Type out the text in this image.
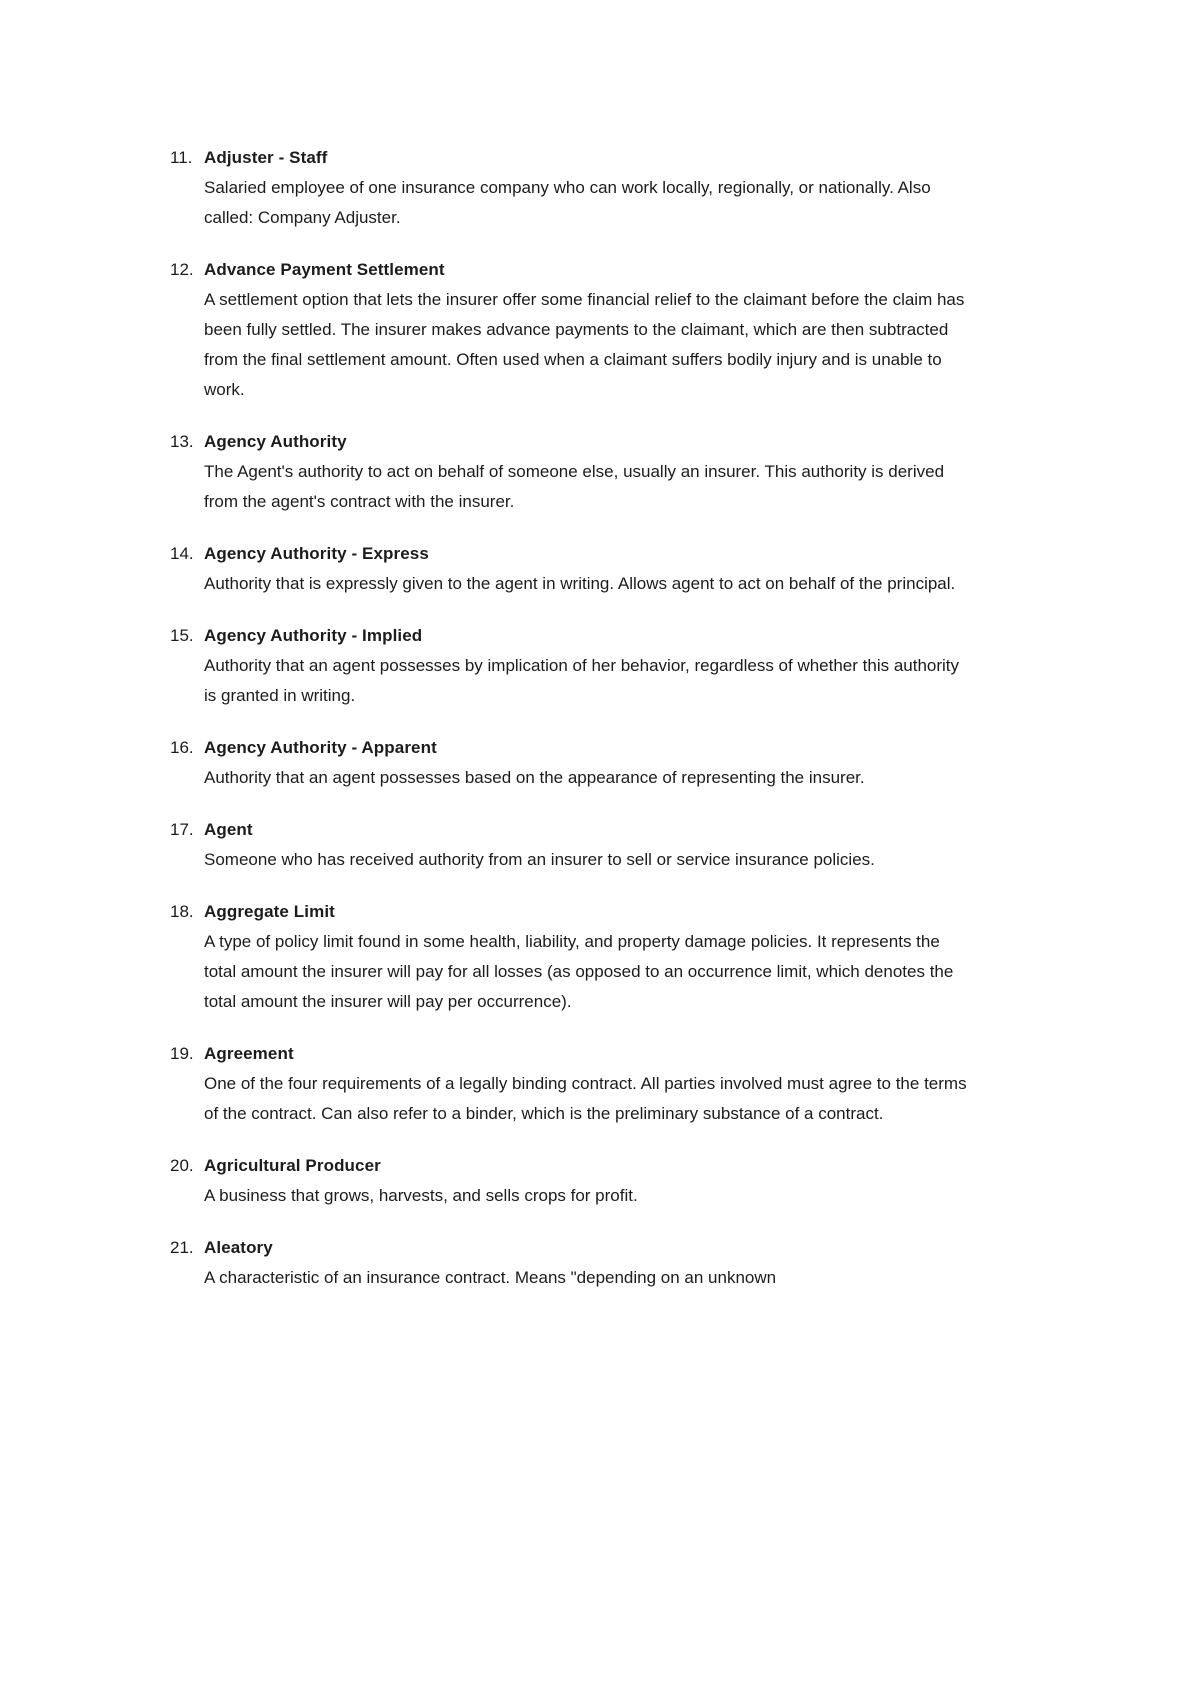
11. Adjuster - Staff
Salaried employee of one insurance company who can work locally, regionally, or nationally. Also called: Company Adjuster.
12. Advance Payment Settlement
A settlement option that lets the insurer offer some financial relief to the claimant before the claim has been fully settled. The insurer makes advance payments to the claimant, which are then subtracted from the final settlement amount. Often used when a claimant suffers bodily injury and is unable to work.
13. Agency Authority
The Agent's authority to act on behalf of someone else, usually an insurer. This authority is derived from the agent's contract with the insurer.
14. Agency Authority - Express
Authority that is expressly given to the agent in writing. Allows agent to act on behalf of the principal.
15. Agency Authority - Implied
Authority that an agent possesses by implication of her behavior, regardless of whether this authority is granted in writing.
16. Agency Authority - Apparent
Authority that an agent possesses based on the appearance of representing the insurer.
17. Agent
Someone who has received authority from an insurer to sell or service insurance policies.
18. Aggregate Limit
A type of policy limit found in some health, liability, and property damage policies. It represents the total amount the insurer will pay for all losses (as opposed to an occurrence limit, which denotes the total amount the insurer will pay per occurrence).
19. Agreement
One of the four requirements of a legally binding contract. All parties involved must agree to the terms of the contract. Can also refer to a binder, which is the preliminary substance of a contract.
20. Agricultural Producer
A business that grows, harvests, and sells crops for profit.
21. Aleatory
A characteristic of an insurance contract. Means "depending on an unknown
